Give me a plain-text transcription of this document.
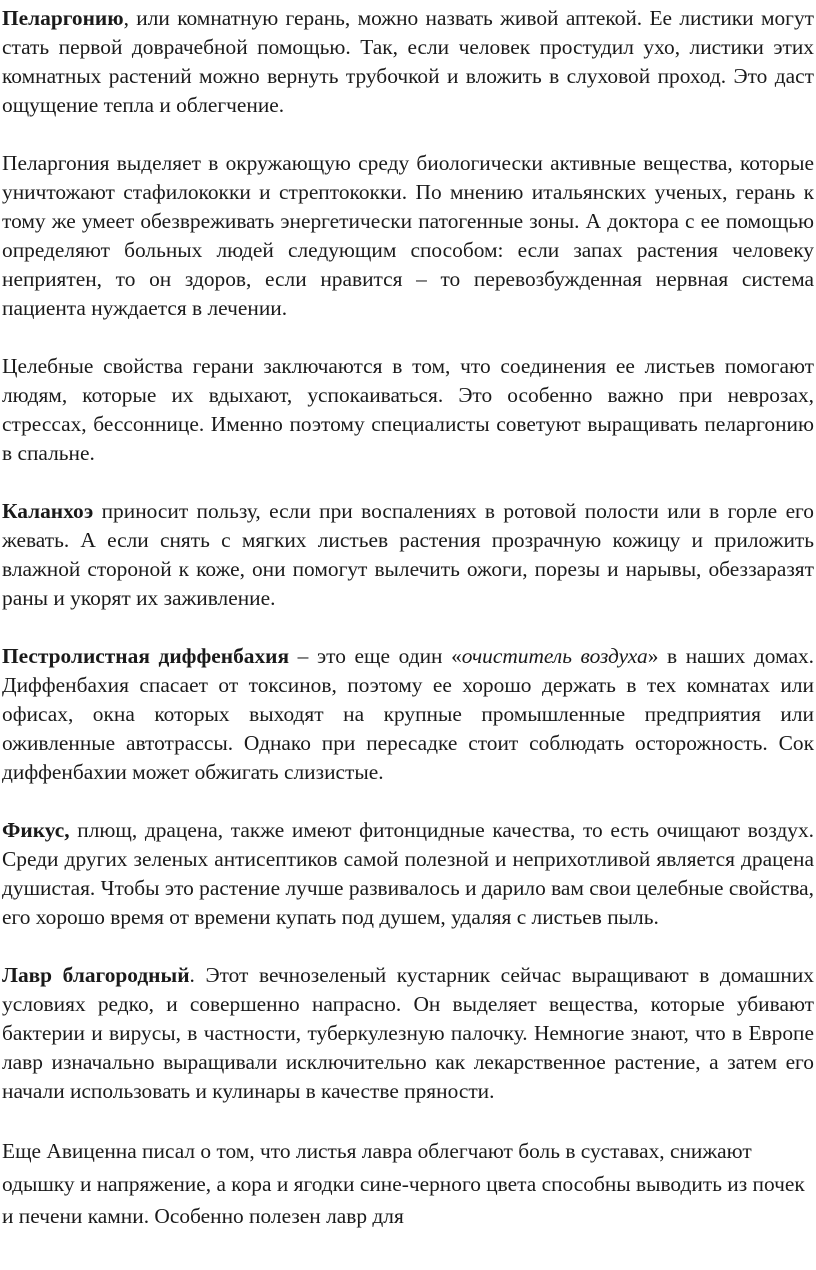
Пеларгонию, или комнатную герань, можно назвать живой аптекой. Ее листики могут стать первой доврачебной помощью. Так, если человек простудил ухо, листики этих комнатных растений можно вернуть трубочкой и вложить в слуховой проход. Это даст ощущение тепла и облегчение.

Пеларгония выделяет в окружающую среду биологически активные вещества, которые уничтожают стафилококки и стрептококки. По мнению итальянских ученых, герань к тому же умеет обезвреживать энергетически патогенные зоны. А доктора с ее помощью определяют больных людей следующим способом: если запах растения человеку неприятен, то он здоров, если нравится – то перевозбужденная нервная система пациента нуждается в лечении.

Целебные свойства герани заключаются в том, что соединения ее листьев помогают людям, которые их вдыхают, успокаиваться. Это особенно важно при неврозах, стрессах, бессоннице. Именно поэтому специалисты советуют выращивать пеларгонию в спальне.

Каланхоэ приносит пользу, если при воспалениях в ротовой полости или в горле его жевать. А если снять с мягких листьев растения прозрачную кожицу и приложить влажной стороной к коже, они помогут вылечить ожоги, порезы и нарывы, обеззаразят раны и укорят их заживление.

Пестролистная диффенбахия – это еще один «очиститель воздуха» в наших домах. Диффенбахия спасает от токсинов, поэтому ее хорошо держать в тех комнатах или офисах, окна которых выходят на крупные промышленные предприятия или оживленные автотрассы. Однако при пересадке стоит соблюдать осторожность. Сок диффенбахии может обжигать слизистые.

Фикус, плющ, драцена, также имеют фитонцидные качества, то есть очищают воздух. Среди других зеленых антисептиков самой полезной и неприхотливой является драцена душистая. Чтобы это растение лучше развивалось и дарило вам свои целебные свойства, его хорошо время от времени купать под душем, удаляя с листьев пыль.

Лавр благородный. Этот вечнозеленый кустарник сейчас выращивают в домашних условиях редко, и совершенно напрасно. Он выделяет вещества, которые убивают бактерии и вирусы, в частности, туберкулезную палочку. Немногие знают, что в Европе лавр изначально выращивали исключительно как лекарственное растение, а затем его начали использовать и кулинары в качестве пряности.

Еще Авиценна писал о том, что листья лавра облегчают боль в суставах, снижают одышку и напряжение, а кора и ягодки сине-черного цвета способны выводить из почек и печени камни. Особенно полезен лавр для
